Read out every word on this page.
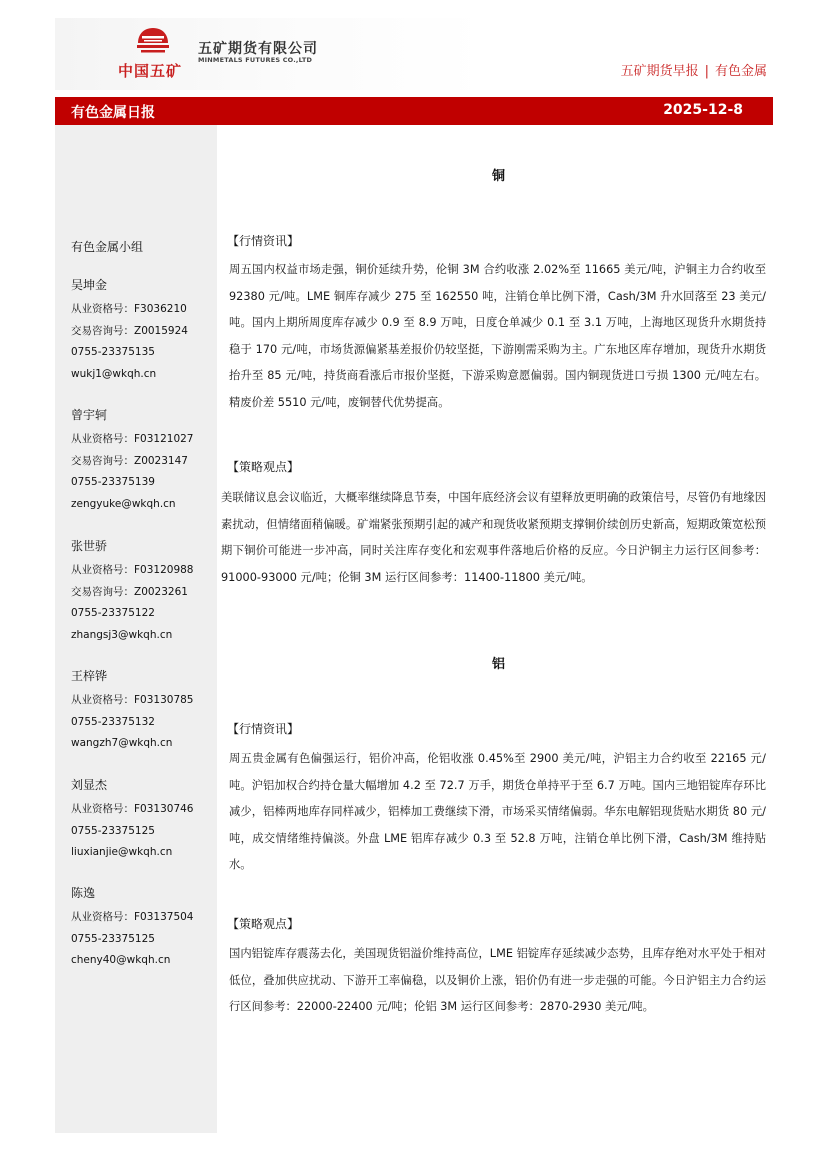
中国五矿
五矿期货有限公司
MINMETALS FUTURES CO.,LTD
五矿期货早报 | 有色金属
有色金属日报	2025-12-8
有色金属小组
吴坤金
从业资格号：F3036210
交易咨询号：Z0015924
0755-23375135
wukj1@wkqh.cn
曾宇轲
从业资格号：F03121027
交易咨询号：Z0023147
0755-23375139
zengyuke@wkqh.cn
张世骄
从业资格号：F03120988
交易咨询号：Z0023261
0755-23375122
zhangsj3@wkqh.cn
王梓铧
从业资格号：F03130785
0755-23375132
wangzh7@wkqh.cn
刘显杰
从业资格号：F03130746
0755-23375125
liuxianjie@wkqh.cn
陈逸
从业资格号：F03137504
0755-23375125
cheny40@wkqh.cn
铜
【行情资讯】
周五国内权益市场走强，铜价延续升势，伦铜 3M 合约收涨 2.02%至 11665 美元/吨，沪铜主力合约收至 92380 元/吨。LME 铜库存减少 275 至 162550 吨，注销仓单比例下滑，Cash/3M 升水回落至 23 美元/吨。国内上期所周度库存减少 0.9 至 8.9 万吨，日度仓单减少 0.1 至 3.1 万吨，上海地区现货升水期货持稳于 170 元/吨，市场货源偏紧基差报价仍较坚挺，下游刚需采购为主。广东地区库存增加，现货升水期货抬升至 85 元/吨，持货商看涨后市报价坚挺，下游采购意愿偏弱。国内铜现货进口亏损 1300 元/吨左右。精废价差 5510 元/吨，废铜替代优势提高。
【策略观点】
美联储议息会议临近，大概率继续降息节奏，中国年底经济会议有望释放更明确的政策信号，尽管仍有地缘因素扰动，但情绪面稍偏暖。矿端紧张预期引起的减产和现货收紧预期支撑铜价续创历史新高，短期政策宽松预期下铜价可能进一步冲高，同时关注库存变化和宏观事件落地后价格的反应。今日沪铜主力运行区间参考：91000-93000 元/吨；伦铜 3M 运行区间参考：11400-11800 美元/吨。
铝
【行情资讯】
周五贵金属有色偏强运行，铝价冲高，伦铝收涨 0.45%至 2900 美元/吨，沪铝主力合约收至 22165 元/吨。沪铝加权合约持仓量大幅增加 4.2 至 72.7 万手，期货仓单持平于至 6.7 万吨。国内三地铝锭库存环比减少，铝棒两地库存同样减少，铝棒加工费继续下滑，市场采买情绪偏弱。华东电解铝现货贴水期货 80 元/吨，成交情绪维持偏淡。外盘 LME 铝库存减少 0.3 至 52.8 万吨，注销仓单比例下滑，Cash/3M 维持贴水。
【策略观点】
国内铝锭库存震荡去化，美国现货铝溢价维持高位，LME 铝锭库存延续减少态势，且库存绝对水平处于相对低位，叠加供应扰动、下游开工率偏稳，以及铜价上涨，铝价仍有进一步走强的可能。今日沪铝主力合约运行区间参考：22000-22400 元/吨；伦铝 3M 运行区间参考：2870-2930 美元/吨。
